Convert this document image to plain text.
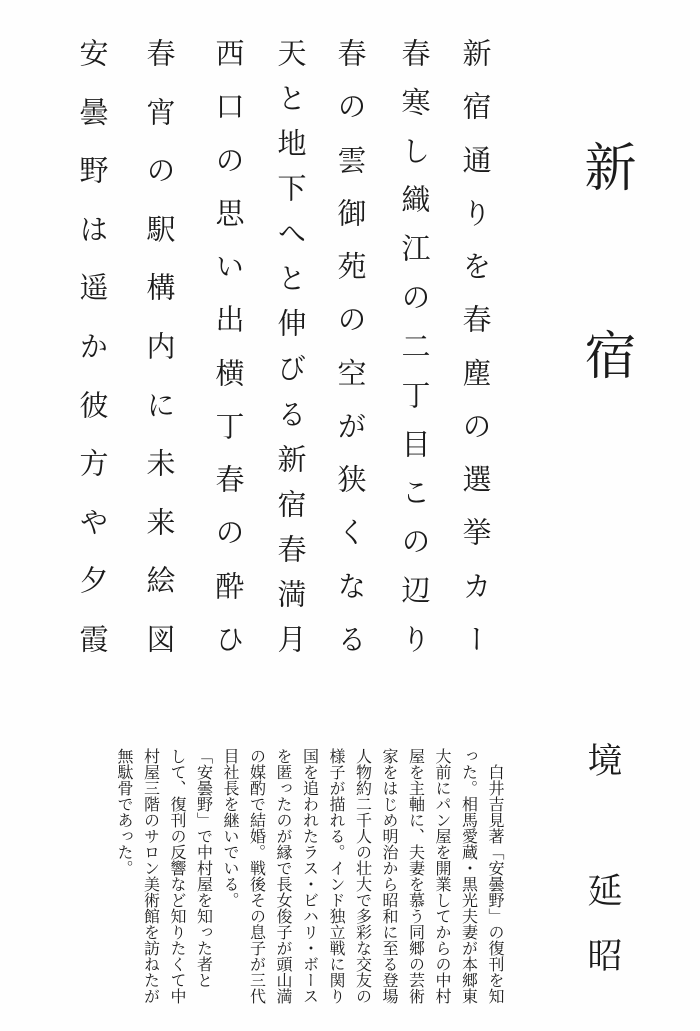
新
宿
新
宿
通
り
を
春
塵
の
選
挙
カ
ー
春
寒
し
織
江
の
二
丁
目
こ
の
辺
り
春
の
雲
御
苑
の
空
が
狭
く
な
る
天
と
地
下
へ
と
伸
び
る
新
宿
春
満
月
西
口
の
思
い
出
横
丁
春
の
酔
ひ
春
宵
の
駅
構
内
に
未
来
絵
図
安
曇
野
は
遥
か
彼
方
や
夕
霞
境　延昭
　白井吉見著「安曇野」の復刊を知
った。相馬愛蔵・黒光夫妻が本郷東
大前にパン屋を開業してからの中村
屋を主軸に、夫妻を慕う同郷の芸術
家をはじめ明治から昭和に至る登場
人物約二千人の壮大で多彩な交友の
様子が描れる。インド独立戦に関り
国を追われたラス・ビハリ・ボース
を匿ったのが縁で長女俊子が頭山満
の媒酌で結婚。戦後その息子が三代
目社長を継いでいる。
「安曇野」で中村屋を知った者と
して、復刊の反響など知りたくて中
村屋三階のサロン美術館を訪ねたが
無駄骨であった。
